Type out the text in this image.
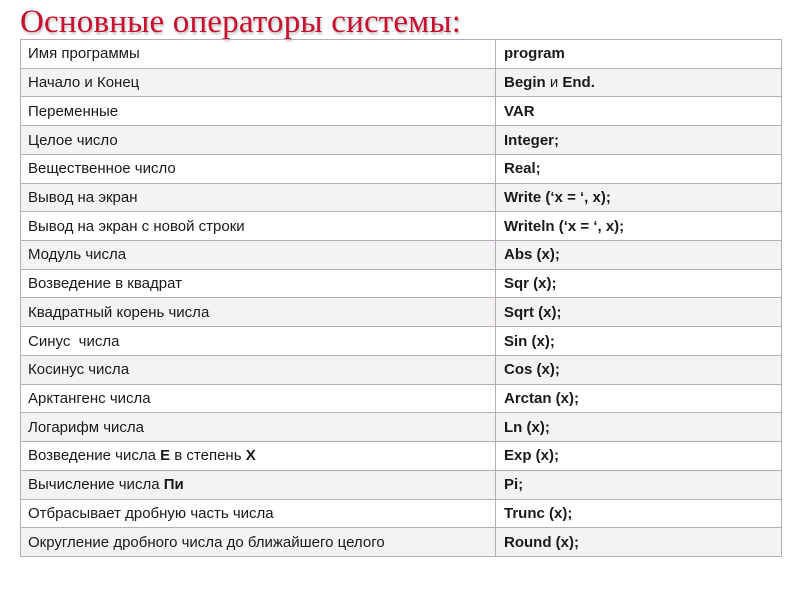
Основные операторы системы:
Имя программы	program
Начало и Конец	Begin и End.
Переменные	VAR
Целое число	Integer;
Вещественное число	Real;
Вывод на экран	Write (‘x = ‘, x);
Вывод на экран с новой строки	Writeln (‘x = ‘, x);
Модуль числа	Abs (x);
Возведение в квадрат	Sqr (x);
Квадратный корень числа	Sqrt (x);
Синус  числа	Sin (x);
Косинус числа	Cos (x);
Арктангенс числа	Arctan (x);
Логарифм числа	Ln (x);
Возведение числа Е в степень Х	Exp (x);
Вычисление числа Пи	Pi;
Отбрасывает дробную часть числа	Trunc (x);
Округление дробного числа до ближайшего целого	Round (x);
